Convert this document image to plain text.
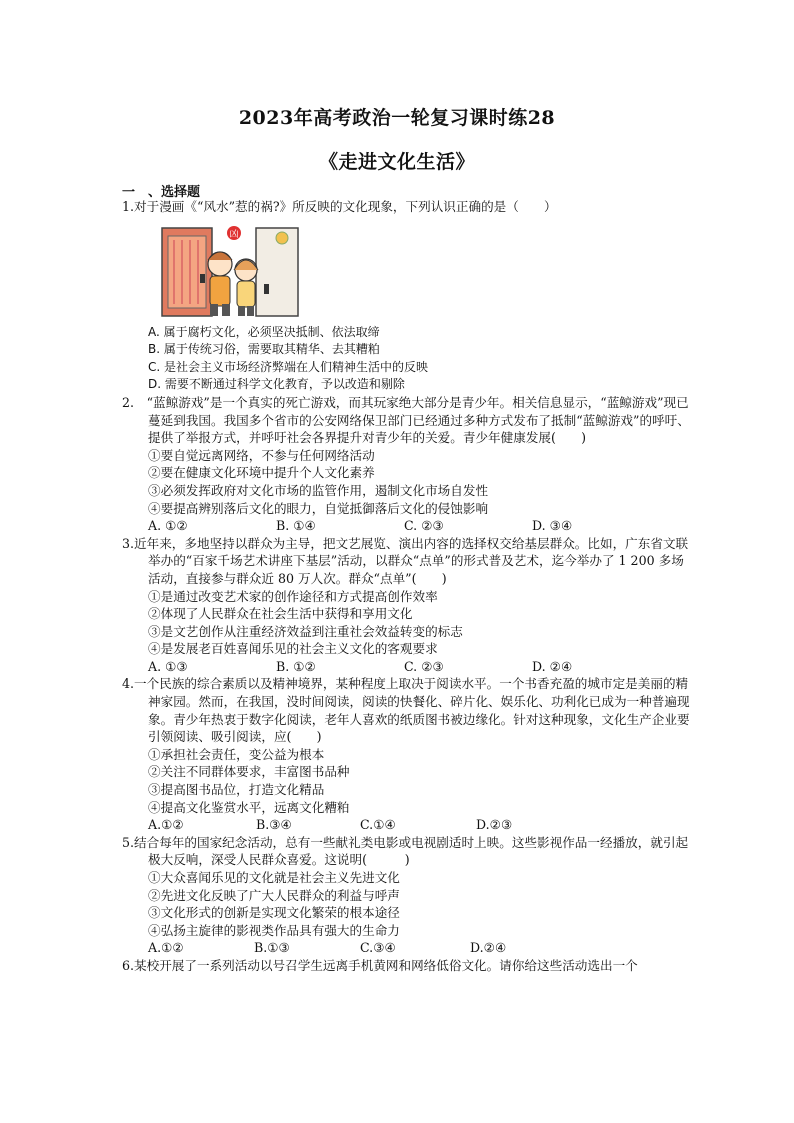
2023年高考政治一轮复习课时练28
《走进文化生活》
一　、选择题

1.对于漫画《“风水”惹的祸?》所反映的文化现象，下列认识正确的是（　　）

凶

A. 属于腐朽文化，必须坚决抵制、依法取缔

B. 属于传统习俗，需要取其精华、去其糟粕

C. 是社会主义市场经济弊端在人们精神生活中的反映

D. 需要不断通过科学文化教育，予以改造和剔除

2.　“蓝鲸游戏”是一个真实的死亡游戏，而其玩家绝大部分是青少年。相关信息显示，“蓝鲸游戏”现已蔓延到我国。我国多个省市的公安网络保卫部门已经通过多种方式发布了抵制“蓝鲸游戏”的呼吁、提供了举报方式，并呼吁社会各界提升对青少年的关爱。青少年健康发展(　　)

①要自觉远离网络，不参与任何网络活动

②要在健康文化环境中提升个人文化素养

③必须发挥政府对文化市场的监管作用，遏制文化市场自发性

④要提高辨别落后文化的眼力，自觉抵御落后文化的侵蚀影响

A. ①②	B. ①④	C. ②③	D. ③④

3.近年来，多地坚持以群众为主导，把文艺展览、演出内容的选择权交给基层群众。比如，广东省文联举办的“百家千场艺术讲座下基层”活动，以群众“点单”的形式普及艺术，迄今举办了 1 200 多场活动，直接参与群众近 80 万人次。群众“点单”(　　)

①是通过改变艺术家的创作途径和方式提高创作效率

②体现了人民群众在社会生活中获得和享用文化

③是文艺创作从注重经济效益到注重社会效益转变的标志

④是发展老百姓喜闻乐见的社会主义文化的客观要求

A. ①③	B. ①②	C. ②③	D. ②④

4.一个民族的综合素质以及精神境界，某种程度上取决于阅读水平。一个书香充盈的城市定是美丽的精神家园。然而，在我国，没时间阅读，阅读的快餐化、碎片化、娱乐化、功利化已成为一种普遍现象。青少年热衷于数字化阅读，老年人喜欢的纸质图书被边缘化。针对这种现象，文化生产企业要引领阅读、吸引阅读，应(　　)

①承担社会责任，变公益为根本

②关注不同群体要求，丰富图书品种

③提高图书品位，打造文化精品

④提高文化鉴赏水平，远离文化糟粕

A.①②	B.③④	C.①④	D.②③

5.结合每年的国家纪念活动，总有一些献礼类电影或电视剧适时上映。这些影视作品一经播放，就引起极大反响，深受人民群众喜爱。这说明(　　　)

①大众喜闻乐见的文化就是社会主义先进文化

②先进文化反映了广大人民群众的利益与呼声

③文化形式的创新是实现文化繁荣的根本途径

④弘扬主旋律的影视类作品具有强大的生命力

A.①②	B.①③	C.③④	D.②④

6.某校开展了一系列活动以号召学生远离手机黄网和网络低俗文化。请你给这些活动选出一个
